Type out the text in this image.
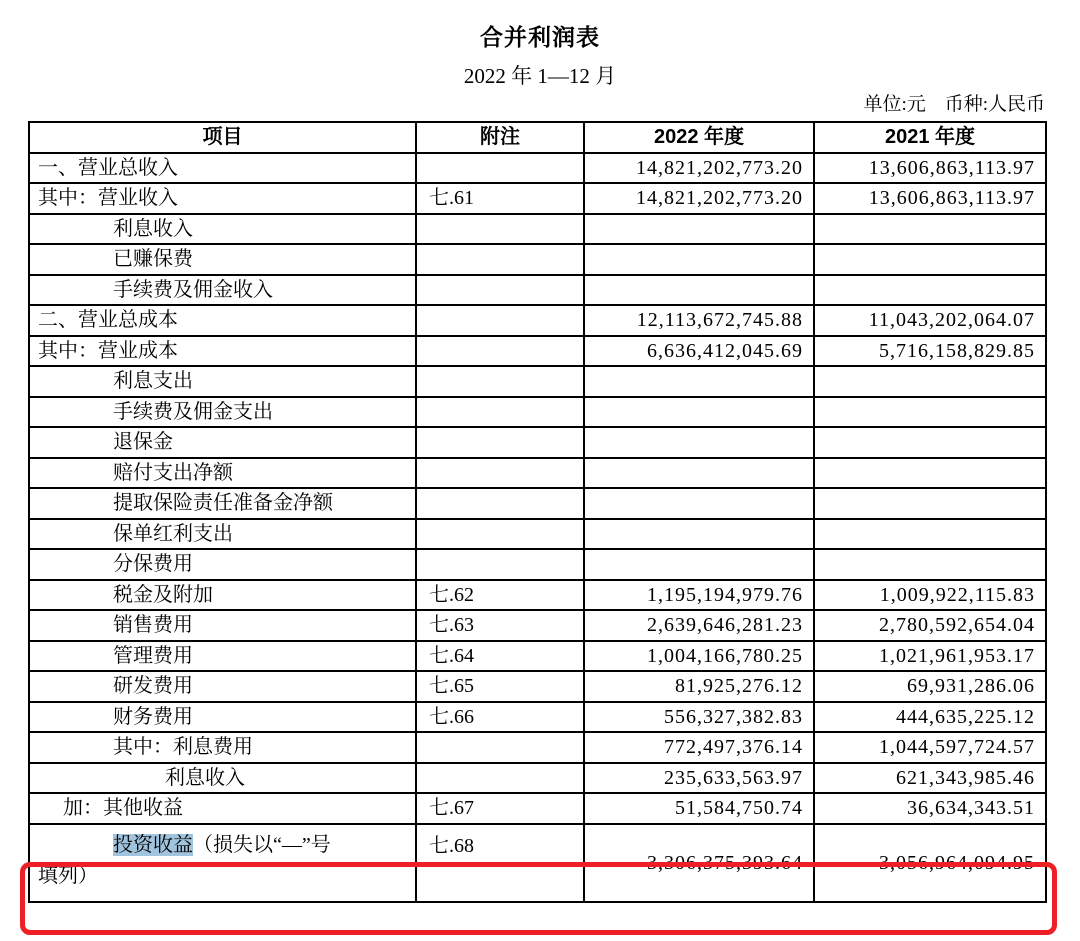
合并利润表
2022 年 1—12 月
单位:元　币种:人民币
项目	附注	2022 年度	2021 年度
一、营业总收入		14,821,202,773.20	13,606,863,113.97
其中：营业收入	七.61	14,821,202,773.20	13,606,863,113.97
利息收入			
已赚保费			
手续费及佣金收入			
二、营业总成本		12,113,672,745.88	11,043,202,064.07
其中：营业成本		6,636,412,045.69	5,716,158,829.85
利息支出			
手续费及佣金支出			
退保金			
赔付支出净额			
提取保险责任准备金净额			
保单红利支出			
分保费用			
税金及附加	七.62	1,195,194,979.76	1,009,922,115.83
销售费用	七.63	2,639,646,281.23	2,780,592,654.04
管理费用	七.64	1,004,166,780.25	1,021,961,953.17
研发费用	七.65	81,925,276.12	69,931,286.06
财务费用	七.66	556,327,382.83	444,635,225.12
其中：利息费用		772,497,376.14	1,044,597,724.57
利息收入		235,633,563.97	621,343,985.46
加：其他收益	七.67	51,584,750.74	36,634,343.51
投资收益（损失以“—”号
填列）	七.68	3,306,375,393.64	3,056,964,094.95
